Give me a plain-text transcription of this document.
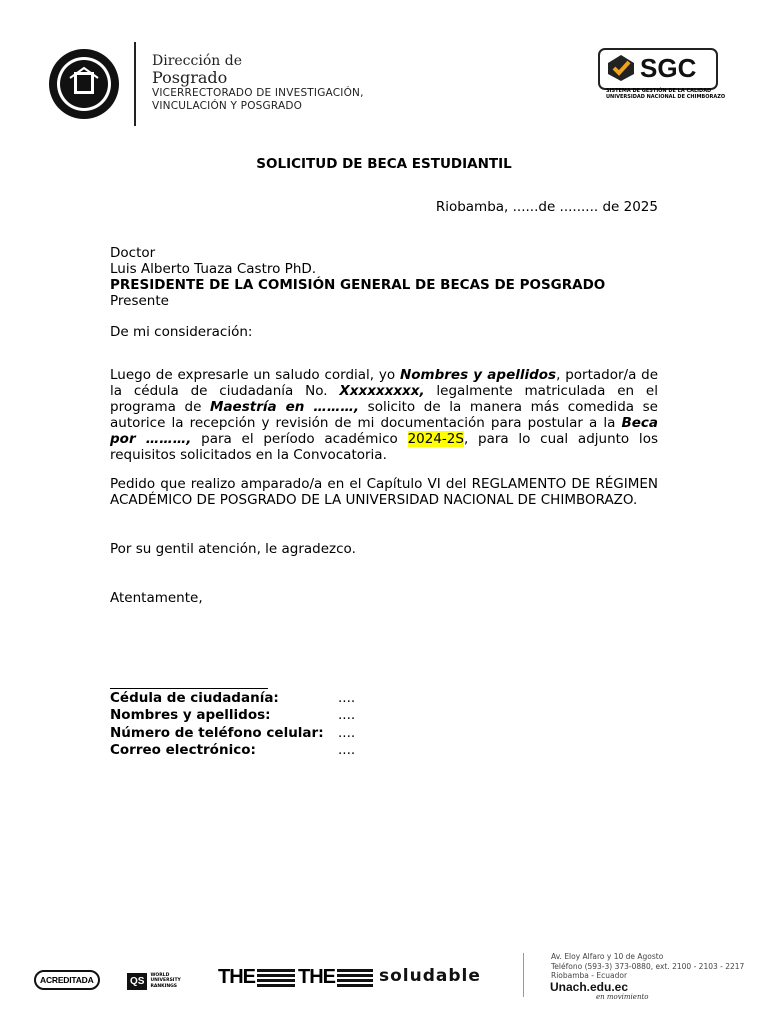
Dirección de
Posgrado
VICERRECTORADO DE INVESTIGACIÓN,
VINCULACIÓN Y POSGRADO
SGC
SISTEMA DE GESTIÓN DE LA CALIDAD
UNIVERSIDAD NACIONAL DE CHIMBORAZO
SOLICITUD DE BECA ESTUDIANTIL
Riobamba, ......de ......... de 2025
Doctor
Luis Alberto Tuaza Castro PhD.
PRESIDENTE DE LA COMISIÓN GENERAL DE BECAS DE POSGRADO
Presente
De mi consideración:
Luego de expresarle un saludo cordial, yo Nombres y apellidos, portador/a de la cédula de ciudadanía No. Xxxxxxxxx, legalmente matriculada en el programa de Maestría en ………, solicito de la manera más comedida se autorice la recepción y revisión de mi documentación para postular a la Beca por ………, para el período académico 2024-2S, para lo cual adjunto los requisitos solicitados en la Convocatoria.
Pedido que realizo amparado/a en el Capítulo VI del REGLAMENTO DE RÉGIMEN ACADÉMICO DE POSGRADO DE LA UNIVERSIDAD NACIONAL DE CHIMBORAZO.
Por su gentil atención, le agradezco.
Atentamente,
Cédula de ciudadanía:	....
Nombres y apellidos:	....
Número de teléfono celular:	....
Correo electrónico:	....
ACREDITADA	QS
WORLD UNIVERSITY RANKINGS	THE THE	soludable
Av. Eloy Alfaro y 10 de Agosto
Teléfono (593-3) 373-0880, ext. 2100 - 2103 - 2217
Riobamba - Ecuador
Unach.edu.ec
en movimiento
